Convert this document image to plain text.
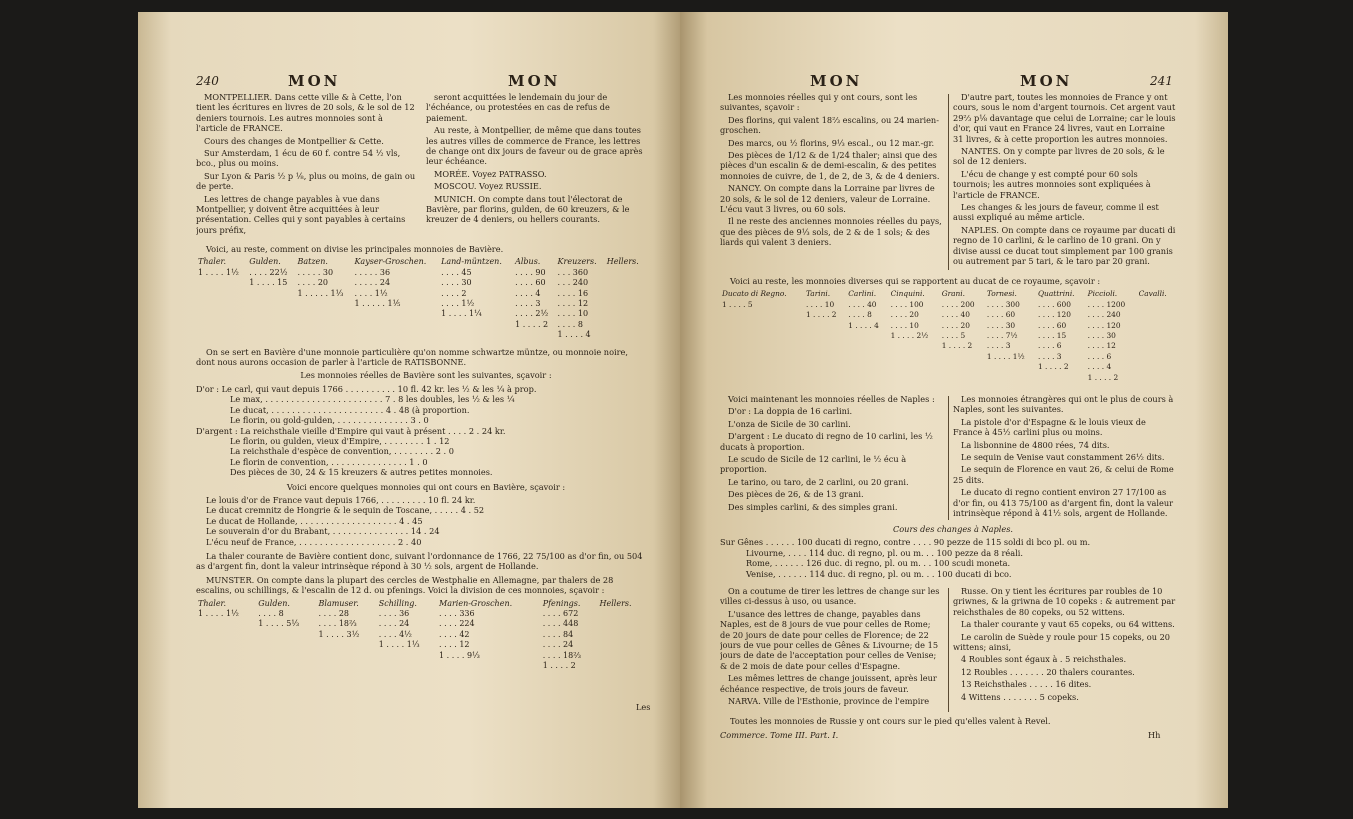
240	MON	MON

MONTPELLIER. Dans cette ville & à Cette, l'on tient les écritures en livres de 20 sols, & le sol de 12 deniers tournois. Les autres monnoies sont à l'article de FRANCE.

Cours des changes de Montpellier & Cette.

Sur Amsterdam, 1 écu de 60 f. contre 54 ½ vls, bco., plus ou moins.

Sur Lyon & Paris ½ p ⅛, plus ou moins, de gain ou de perte.

Les lettres de change payables à vue dans Montpellier, y doivent être acquittées à leur présentation. Celles qui y sont payables à certains jours préfix,

seront acquittées le lendemain du jour de l'échéance, ou protestées en cas de refus de paiement.

Au reste, à Montpellier, de même que dans toutes les autres villes de commerce de France, les lettres de change ont dix jours de faveur ou de grace après leur échéance.

MORÉE. Voyez PATRASSO.

MOSCOU. Voyez RUSSIE.

MUNICH. On compte dans tout l'électorat de Bavière, par florins, gulden, de 60 kreuzers, & le kreuzer de 4 deniers, ou hellers courants.

Voici, au reste, comment on divise les principales monnoies de Bavière.

Thaler.	Gulden.	Batzen.	Kayser-Groschen.	Land-müntzen.	Albus.	Kreuzers.	Hellers.
1 . . . . 1½	. . . . 22½	. . . . . 30	. . . . . 36	. . . . 45	. . . . 90	. . . 360	
	1 . . . . 15	. . . . 20	. . . . . 24	. . . . 30	. . . . 60	. . . 240	
		1 . . . . . 1⅓	. . . . 1½	. . . . 2	. . . . 4	. . . . 16	
			1 . . . . . 1⅕	. . . . 1½	. . . . 3	. . . . 12	
				1 . . . . 1¼	. . . . 2½	. . . . 10	
					1 . . . . 2	. . . . 8	
						1 . . . . 4	

On se sert en Bavière d'une monnoie particulière qu'on nomme schwartze müntze, ou monnoie noire, dont nous aurons occasion de parler à l'article de RATISBONNE.

Les monnoies réelles de Bavière sont les suivantes, sçavoir :

D'or : Le carl, qui vaut depuis 1766 . . . . . . . . . . 10 fl. 42 kr. les ½ & les ¼ à prop.
Le max, . . . . . . . . . . . . . . . . . . . . . . . 7 . 8 les doubles, les ½ & les ¼
Le ducat, . . . . . . . . . . . . . . . . . . . . . . 4 . 48 (à proportion.
Le florin, ou gold-gulden, . . . . . . . . . . . . . . 3 . 0
D'argent : La reichsthale vieille d'Empire qui vaut à présent . . . . 2 . 24 kr.
Le florin, ou gulden, vieux d'Empire, . . . . . . . . 1 . 12
La reichsthale d'espèce de convention, . . . . . . . . 2 . 0
Le florin de convention, . . . . . . . . . . . . . . . 1 . 0
Des pièces de 30, 24 & 15 kreuzers & autres petites monnoies.

Voici encore quelques monnoies qui ont cours en Bavière, sçavoir :

Le louis d'or de France vaut depuis 1766, . . . . . . . . . 10 fl. 24 kr.
Le ducat cremnitz de Hongrie & le sequin de Toscane, . . . . . 4 . 52
Le ducat de Hollande, . . . . . . . . . . . . . . . . . . . 4 . 45
Le souverain d'or du Brabant, . . . . . . . . . . . . . . . 14 . 24
L'écu neuf de France, . . . . . . . . . . . . . . . . . . . 2 . 40

La thaler courante de Bavière contient donc, suivant l'ordonnance de 1766, 22 75/100 as d'or fin, ou 504 as d'argent fin, dont la valeur intrinsèque répond à 30 ½ sols, argent de Hollande.

MUNSTER. On compte dans la plupart des cercles de Westphalie en Allemagne, par thalers de 28 escalins, ou schillings, & l'escalin de 12 d. ou pfenings. Voici la division de ces monnoies, sçavoir :

Thaler.	Gulden.	Blamuser.	Schilling.	Marien-Groschen.	Pfenings.	Hellers.
1 . . . . 1½	. . . . 8	. . . . 28	. . . . 36	. . . . 336	. . . . 672	
	1 . . . . 5⅓	. . . . 18⅔	. . . . 24	. . . . 224	. . . . 448	
		1 . . . . 3½	. . . . 4½	. . . . 42	. . . . 84	
			1 . . . . 1⅓	. . . . 12	. . . . 24	
				1 . . . . 9⅓	. . . . 18⅔	
					1 . . . . 2	
Les
MON	MON	241

Les monnoies réelles qui y ont cours, sont les suivantes, sçavoir :

Des florins, qui valent 18⅔ escalins, ou 24 marien-groschen.

Des marcs, ou ½ florins, 9⅓ escal., ou 12 mar.-gr.

Des pièces de 1/12 & de 1/24 thaler; ainsi que des pièces d'un escalin & de demi-escalin, & des petites monnoies de cuivre, de 1, de 2, de 3, & de 4 deniers.

NANCY. On compte dans la Lorraine par livres de 20 sols, & le sol de 12 deniers, valeur de Lorraine. L'écu vaut 3 livres, ou 60 sols.

Il ne reste des anciennes monnoies réelles du pays, que des pièces de 9⅓ sols, de 2 & de 1 sols; & des liards qui valent 3 deniers.

D'autre part, toutes les monnoies de France y ont cours, sous le nom d'argent tournois. Cet argent vaut 29⅔ p⅛ davantage que celui de Lorraine; car le louis d'or, qui vaut en France 24 livres, vaut en Lorraine 31 livres, & à cette proportion les autres monnoies.

NANTES. On y compte par livres de 20 sols, & le sol de 12 deniers.

L'écu de change y est compté pour 60 sols tournois; les autres monnoies sont expliquées à l'article de FRANCE.

Les changes & les jours de faveur, comme il est aussi expliqué au même article.

NAPLES. On compte dans ce royaume par ducati di regno de 10 carlini, & le carlino de 10 grani. On y divise aussi ce ducat tout simplement par 100 granis ou autrement par 5 tari, & le taro par 20 grani.

Voici au reste, les monnoies diverses qui se rapportent au ducat de ce royaume, sçavoir :

Ducato di Regno.	Tarini.	Carlini.	Cinquini.	Grani.	Tornesi.	Quattrini.	Piccioli.	Cavalli.
1 . . . . 5	. . . . 10	. . . . 40	. . . . 100	. . . . 200	. . . . 300	. . . . 600	. . . . 1200	
	1 . . . . 2	. . . . 8	. . . . 20	. . . . 40	. . . . 60	. . . . 120	. . . . 240	
		1 . . . . 4	. . . . 10	. . . . 20	. . . . 30	. . . . 60	. . . . 120	
			1 . . . . 2½	. . . . 5	. . . . 7½	. . . . 15	. . . . 30	
				1 . . . . 2	. . . . 3	. . . . 6	. . . . 12	
					1 . . . . 1½	. . . . 3	. . . . 6	
						1 . . . . 2	. . . . 4	
							1 . . . . 2	

Voici maintenant les monnoies réelles de Naples :

D'or : La doppia de 16 carlini.

L'onza de Sicile de 30 carlini.

D'argent : Le ducato di regno de 10 carlini, les ½ ducats à proportion.

Le scudo de Sicile de 12 carlini, le ½ écu à proportion.

Le tarino, ou taro, de 2 carlini, ou 20 grani.

Des pièces de 26, & de 13 grani.

Des simples carlini, & des simples grani.

Les monnoies étrangères qui ont le plus de cours à Naples, sont les suivantes.

La pistole d'or d'Espagne & le louis vieux de France à 45½ carlini plus ou moins.

La lisbonnine de 4800 rées, 74 dits.

Le sequin de Venise vaut constamment 26½ dits.

Le sequin de Florence en vaut 26, & celui de Rome 25 dits.

Le ducato di regno contient environ 27 17/100 as d'or fin, ou 413 75/100 as d'argent fin, dont la valeur intrinsèque répond à 41½ sols, argent de Hollande.

Cours des changes à Naples.

Sur Gênes . . . . . . 100 ducati di regno, contre . . . . 90 pezze de 115 soldi di bco pl. ou m.
Livourne, . . . . 114 duc. di regno, pl. ou m. . . 100 pezze da 8 réali.
Rome, . . . . . . 126 duc. di regno, pl. ou m. . . 100 scudi moneta.
Venise, . . . . . . 114 duc. di regno, pl. ou m. . . 100 ducati di bco.

On a coutume de tirer les lettres de change sur les villes ci-dessus à uso, ou usance.

L'usance des lettres de change, payables dans Naples, est de 8 jours de vue pour celles de Rome; de 20 jours de date pour celles de Florence; de 22 jours de vue pour celles de Gênes & Livourne; de 15 jours de date de l'acceptation pour celles de Venise; & de 2 mois de date pour celles d'Espagne.

Les mêmes lettres de change jouissent, après leur échéance respective, de trois jours de faveur.

NARVA. Ville de l'Esthonie, province de l'empire

Russe. On y tient les écritures par roubles de 10 griwnes, & la griwna de 10 copeks : & autrement par reichsthales de 80 copeks, ou 52 wittens.

La thaler courante y vaut 65 copeks, ou 64 wittens.

Le carolin de Suède y roule pour 15 copeks, ou 20 wittens; ainsi,

4 Roubles sont égaux à . 5 reichsthales.

12 Roubles . . . . . . . 20 thalers courantes.

13 Reichsthales . . . . . 16 dites.

4 Wittens . . . . . . . 5 copeks.

Toutes les monnoies de Russie y ont cours sur le pied qu'elles valent à Revel.

Commerce. Tome III. Part. I.	Hh
